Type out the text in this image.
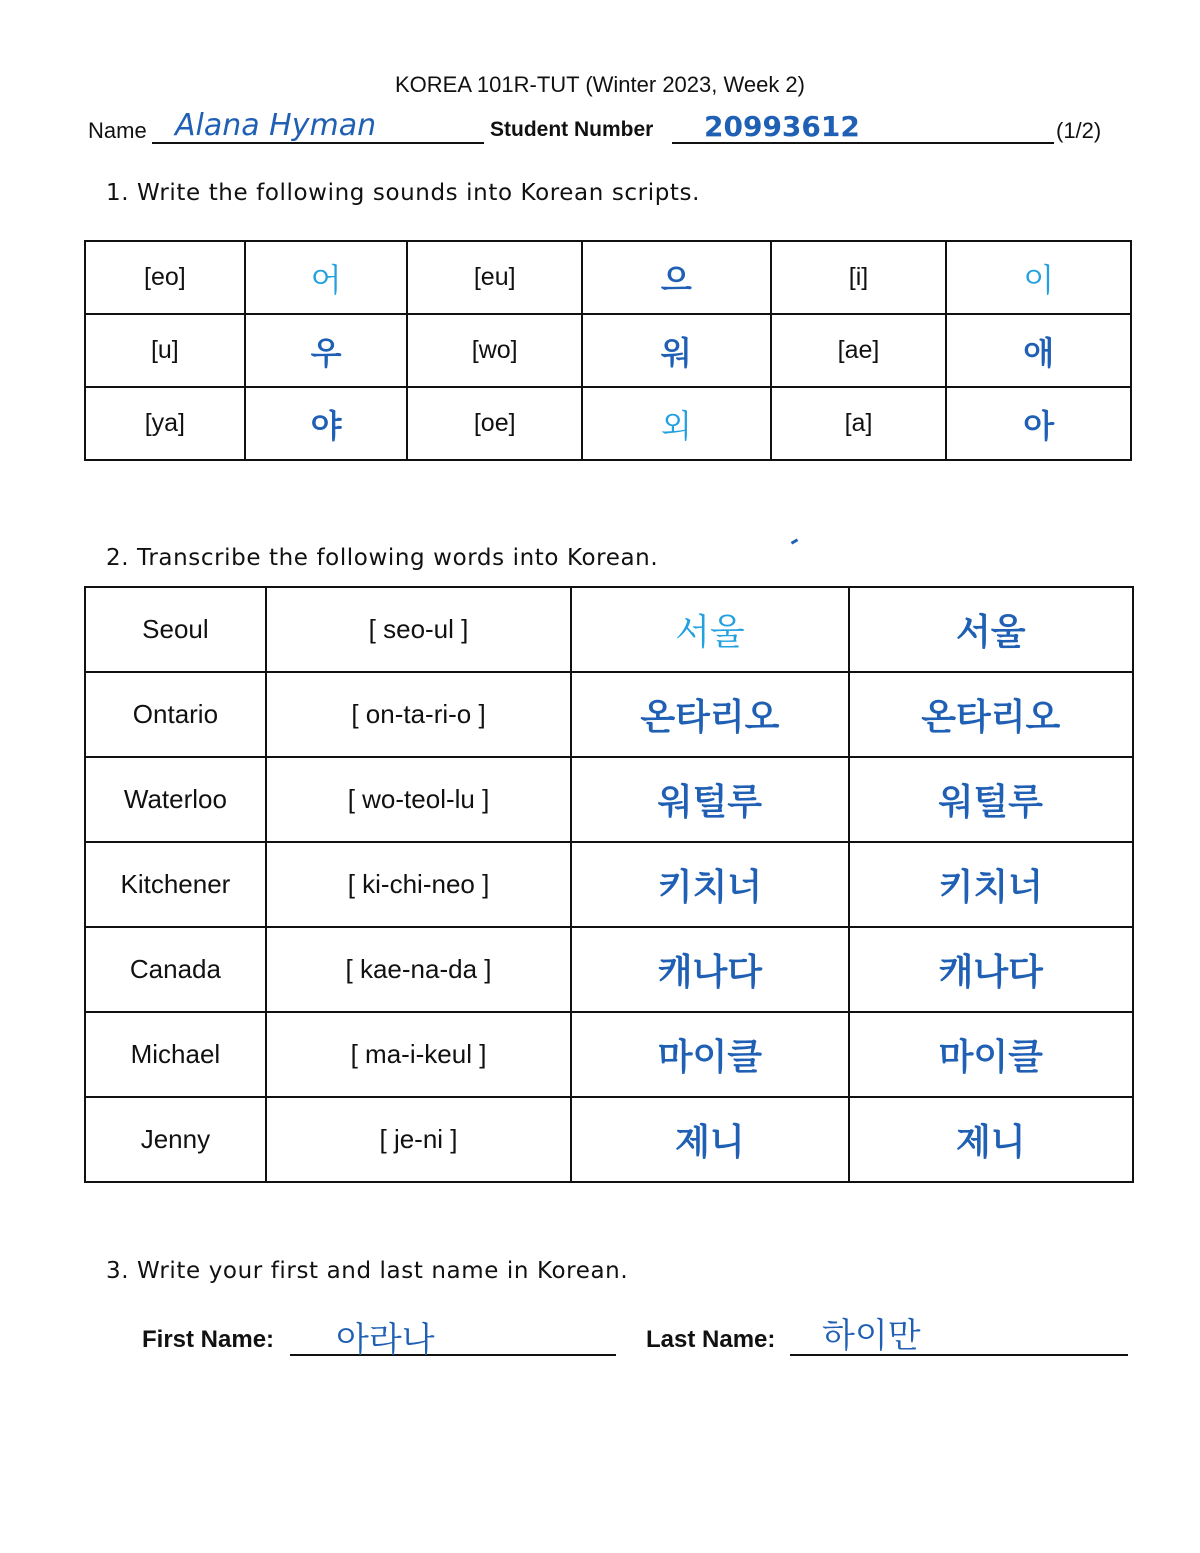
KOREA 101R-TUT (Winter 2023, Week 2)
Name Alana Hyman	Student Number 20993612	(1/2)
1. Write the following sounds into Korean scripts.
[eo]	어	[eu]	으	[i]	이
[u]	우	[wo]	워	[ae]	애
[ya]	야	[oe]	외	[a]	아
2. Transcribe the following words into Korean.
Seoul	[ seo-ul ]	서울	서울
Ontario	[ on-ta-ri-o ]	온타리오	온타리오
Waterloo	[ wo-teol-lu ]	워털루	워털루
Kitchener	[ ki-chi-neo ]	키치너	키치너
Canada	[ kae-na-da ]	캐나다	캐나다
Michael	[ ma-i-keul ]	마이클	마이클
Jenny	[ je-ni ]	제니	제니
3. Write your first and last name in Korean.
First Name: 아라나	Last Name: 하이만
